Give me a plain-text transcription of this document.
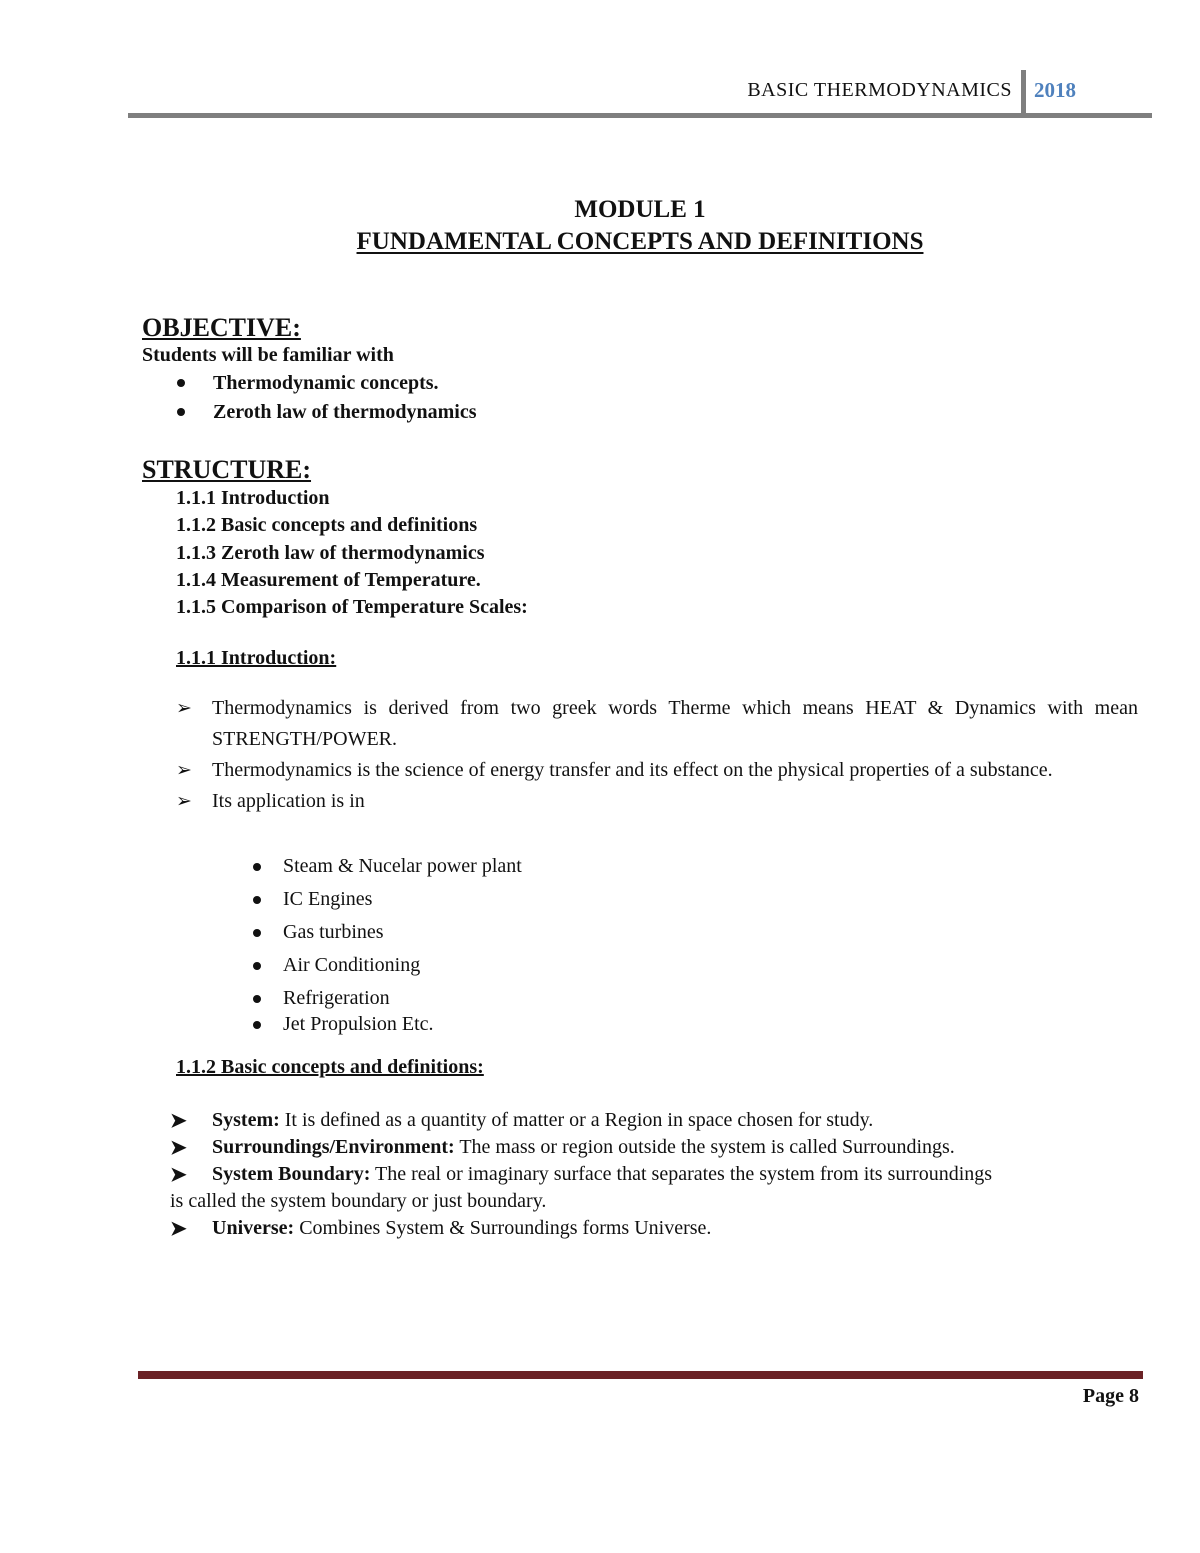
BASIC THERMODYNAMICS 2018
MODULE 1
FUNDAMENTAL CONCEPTS AND DEFINITIONS
OBJECTIVE:
Students will be familiar with
Thermodynamic concepts.
Zeroth law of thermodynamics
STRUCTURE:
1.1.1 Introduction
1.1.2 Basic concepts and definitions
1.1.3 Zeroth law of thermodynamics
1.1.4 Measurement of Temperature.
1.1.5 Comparison of Temperature Scales:
1.1.1 Introduction:
➢ Thermodynamics is derived from two greek words Therme which means HEAT & Dynamics with mean STRENGTH/POWER.
➢ Thermodynamics is the science of energy transfer and its effect on the physical properties of a substance.
➢ Its application is in
Steam & Nucelar power plant
IC Engines
Gas turbines
Air Conditioning
Refrigeration
Jet Propulsion Etc.
1.1.2 Basic concepts and definitions:
➤ System: It is defined as a quantity of matter or a Region in space chosen for study.
➤ Surroundings/Environment: The mass or region outside the system is called Surroundings.
➤ System Boundary: The real or imaginary surface that separates the system from its surroundings
is called the system boundary or just boundary.
➤ Universe: Combines System & Surroundings forms Universe.
Page 8
